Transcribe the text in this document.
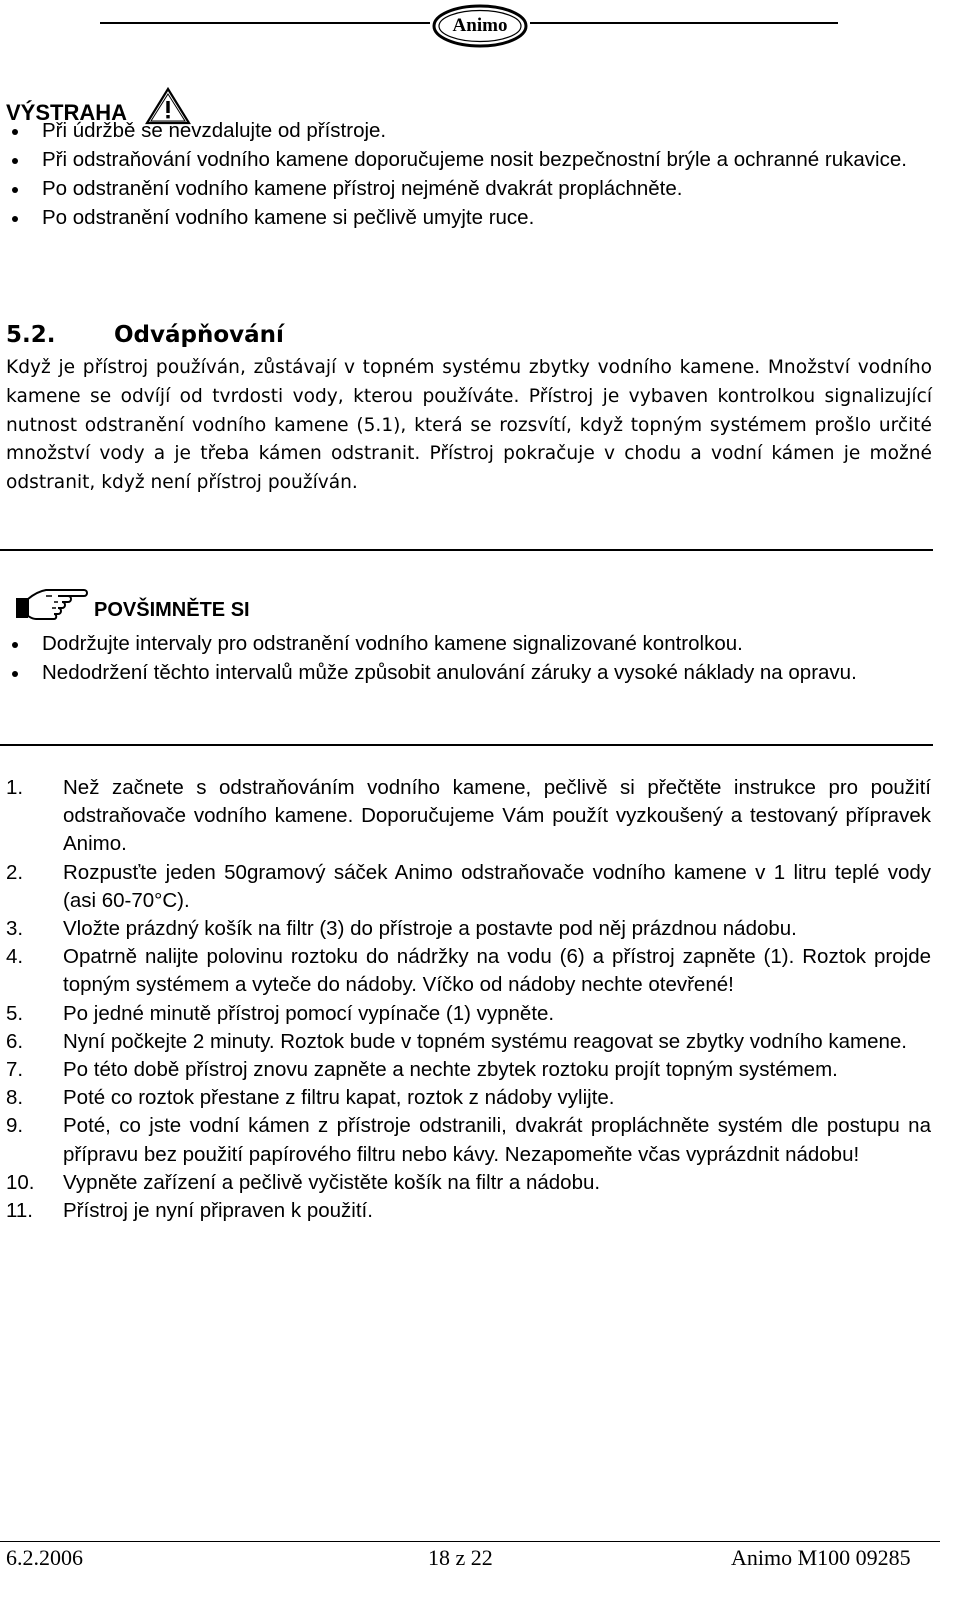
Animo
VÝSTRAHA
Při údržbě se nevzdalujte od přístroje.
Při odstraňování vodního kamene doporučujeme nosit bezpečnostní brýle a ochranné rukavice.
Po odstranění vodního kamene přístroj nejméně dvakrát propláchněte.
Po odstranění vodního kamene si pečlivě umyjte ruce.
5.2.	Odvápňování

Když je přístroj používán, zůstávají v topném systému zbytky vodního kamene. Množství vodního kamene se odvíjí od tvrdosti vody, kterou používáte. Přístroj je vybaven kontrolkou signalizující nutnost odstranění vodního kamene (5.1), která se rozsvítí, když topným systémem prošlo určité množství vody a je třeba kámen odstranit. Přístroj pokračuje v chodu a vodní kámen je možné odstranit, když není přístroj používán.

POVŠIMNĚTE SI
Dodržujte intervaly pro odstranění vodního kamene signalizované kontrolkou.
Nedodržení těchto intervalů může způsobit anulování záruky a vysoké náklady na opravu.
1. Než začnete s odstraňováním vodního kamene, pečlivě si přečtěte instrukce pro použití odstraňovače vodního kamene. Doporučujeme Vám použít vyzkoušený a testovaný přípravek Animo.
2. Rozpusťte jeden 50gramový sáček Animo odstraňovače vodního kamene v 1 litru teplé vody (asi 60-70°C).
3. Vložte prázdný košík na filtr (3) do přístroje a postavte pod něj prázdnou nádobu.
4. Opatrně nalijte polovinu roztoku do nádržky na vodu (6) a přístroj zapněte (1). Roztok projde topným systémem a vyteče do nádoby. Víčko od nádoby nechte otevřené!
5. Po jedné minutě přístroj pomocí vypínače (1) vypněte.
6. Nyní počkejte 2 minuty. Roztok bude v topném systému reagovat se zbytky vodního kamene.
7. Po této době přístroj znovu zapněte a nechte zbytek roztoku projít topným systémem.
8. Poté co roztok přestane z filtru kapat, roztok z nádoby vylijte.
9. Poté, co jste vodní kámen z přístroje odstranili, dvakrát propláchněte systém dle postupu na přípravu bez použití papírového filtru nebo kávy. Nezapomeňte včas vyprázdnit nádobu!
10. Vypněte zařízení a pečlivě vyčistěte košík na filtr a nádobu.
11. Přístroj je nyní připraven k použití.
6.2.2006	18 z 22	Animo M100 09285
